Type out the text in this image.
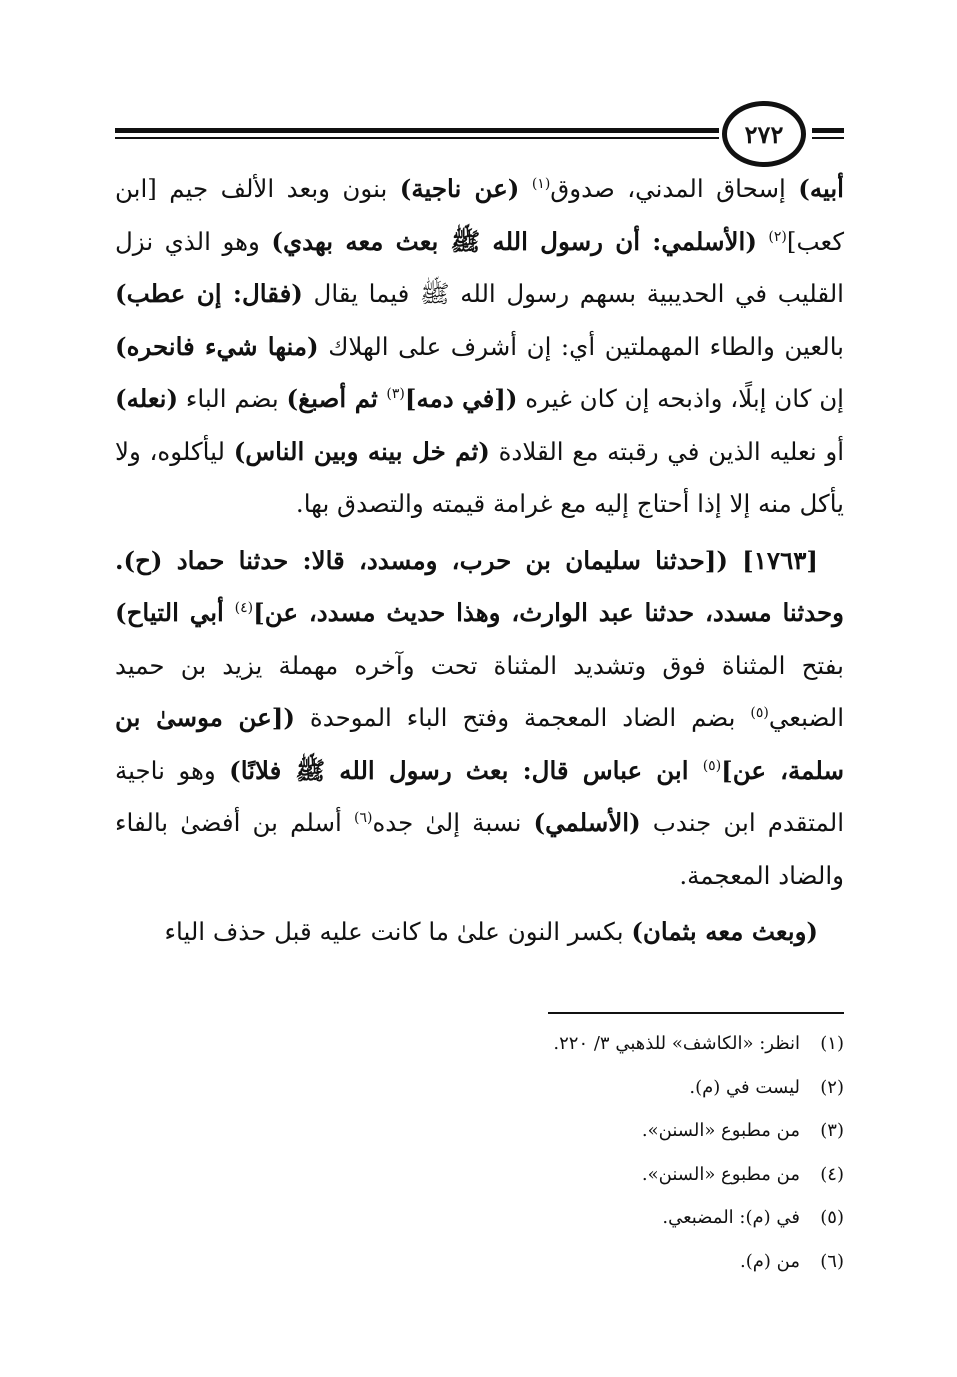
٢٧٢

أبيه) إسحاق المدني، صدوق$^{(١)}$ (عن ناجية) بنون وبعد الألف جيم [ابن كعب]$^{(٢)}$ (الأسلمي: أن رسول الله ﷺ بعث معه بهدي) وهو الذي نزل القليب في الحديبية بسهم رسول الله ﷺ فيما يقال (فقال: إن عطب) بالعين والطاء المهملتين أي: إن أشرف على الهلاك (منها شيء فانحره) إن كان إبلًا، واذبحه إن كان غيره ([في دمه]$^{(٣)}$ ثم أصبغ) بضم الباء (نعله) أو نعليه الذين في رقبته مع القلادة (ثم خل بينه وبين الناس) ليأكلوه، ولا يأكل منه إلا إذا أحتاج إليه مع غرامة قيمته والتصدق بها.

[١٧٦٣] ([حدثنا سليمان بن حرب، ومسدد، قالا: حدثنا حماد (ح). وحدثنا مسدد، حدثنا عبد الوارث، وهذا حديث مسدد، عن]$^{(٤)}$ أبي التياح) بفتح المثناة فوق وتشديد المثناة تحت وآخره مهملة يزيد بن حميد الضبعي$^{(٥)}$ بضم الضاد المعجمة وفتح الباء الموحدة ([عن موسىٰ بن سلمة، عن]$^{(٥)}$ ابن عباس قال: بعث رسول الله ﷺ فلانًا) وهو ناجية المتقدم ابن جندب (الأسلمي) نسبة إلىٰ جده$^{(٦)}$ أسلم بن أفضىٰ بالفاء والضاد المعجمة.

(وبعث معه بثمان) بكسر النون علىٰ ما كانت عليه قبل حذف الياء

(١)انظر: «الكاشف» للذهبي ٣/ ٢٢٠.
(٢)ليست في (م).
(٣)من مطبوع «السنن».
(٤)من مطبوع «السنن».
(٥)في (م): المضبعي.
(٦)من (م).
